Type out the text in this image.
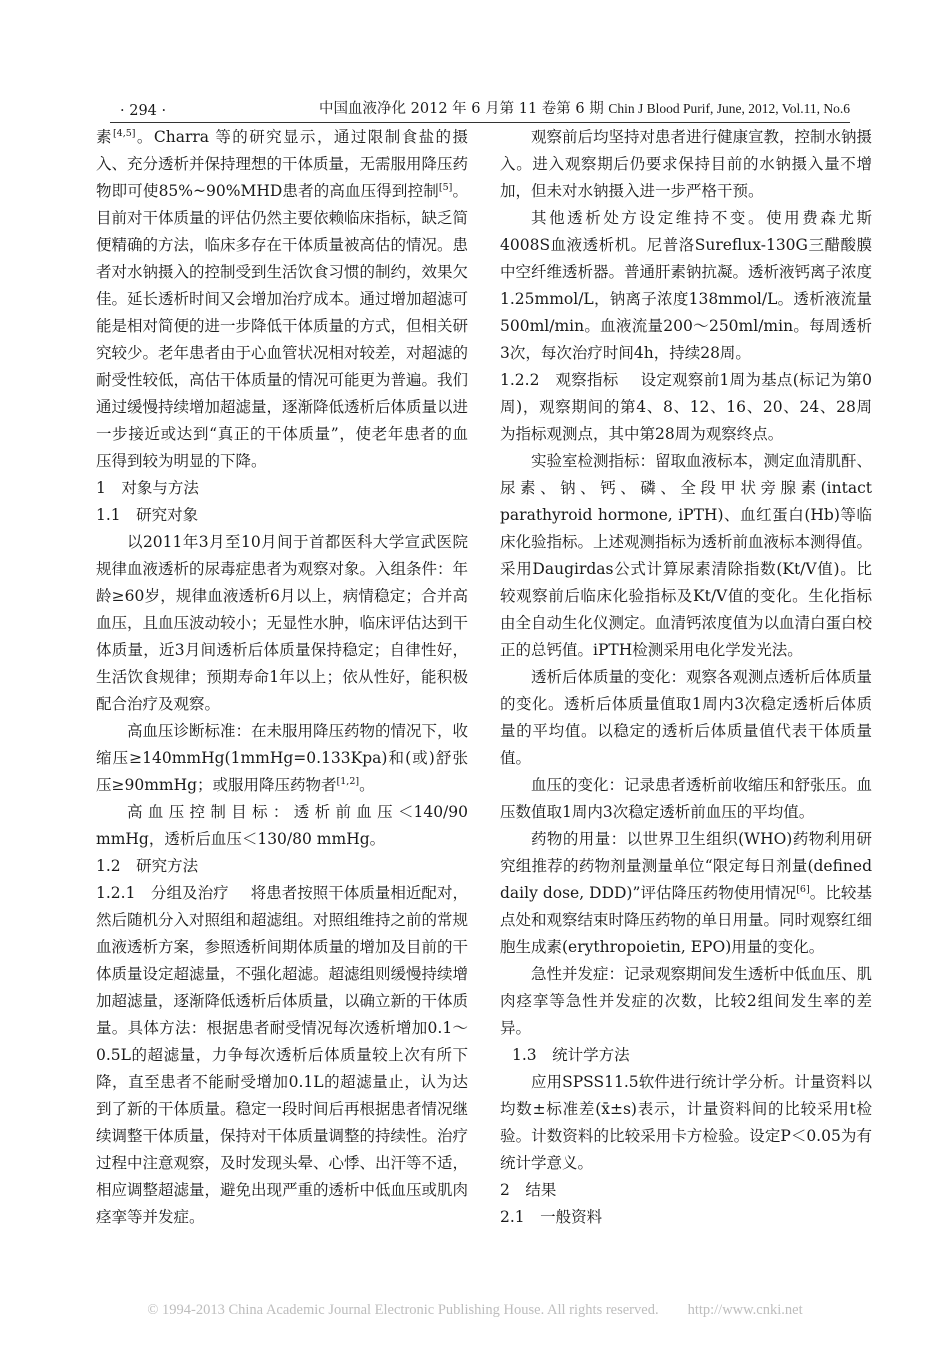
· 294 ·	中国血液净化 2012 年 6 月第 11 卷第 6 期 Chin J Blood Purif, June, 2012, Vol.11, No.6

素[4,5]。Charra 等的研究显示，通过限制食盐的摄入、充分透析并保持理想的干体质量，无需服用降压药物即可使85%~90%MHD患者的高血压得到控制[5]。目前对干体质量的评估仍然主要依赖临床指标，缺乏简便精确的方法，临床多存在干体质量被高估的情况。患者对水钠摄入的控制受到生活饮食习惯的制约，效果欠佳。延长透析时间又会增加治疗成本。通过增加超滤可能是相对简便的进一步降低干体质量的方式，但相关研究较少。老年患者由于心血管状况相对较差，对超滤的耐受性较低，高估干体质量的情况可能更为普遍。我们通过缓慢持续增加超滤量，逐渐降低透析后体质量以进一步接近或达到“真正的干体质量”，使老年患者的血压得到较为明显的下降。

1　对象与方法
1.1　研究对象

以2011年3月至10月间于首都医科大学宣武医院规律血液透析的尿毒症患者为观察对象。入组条件：年龄≥60岁，规律血液透析6月以上，病情稳定；合并高血压，且血压波动较小；无显性水肿，临床评估达到干体质量，近3月间透析后体质量保持稳定；自律性好，生活饮食规律；预期寿命1年以上；依从性好，能积极配合治疗及观察。

高血压诊断标准：在未服用降压药物的情况下，收缩压≥140mmHg(1mmHg=0.133Kpa)和(或)舒张压≥90mmHg；或服用降压药物者[1,2]。

高血压控制目标：透析前血压＜140/90 mmHg，透析后血压＜130/80 mmHg。

1.2　研究方法

1.2.1　分组及治疗 将患者按照干体质量相近配对，然后随机分入对照组和超滤组。对照组维持之前的常规血液透析方案，参照透析间期体质量的增加及目前的干体质量设定超滤量，不强化超滤。超滤组则缓慢持续增加超滤量，逐渐降低透析后体质量，以确立新的干体质量。具体方法：根据患者耐受情况每次透析增加0.1～0.5L的超滤量，力争每次透析后体质量较上次有所下降，直至患者不能耐受增加0.1L的超滤量止，认为达到了新的干体质量。稳定一段时间后再根据患者情况继续调整干体质量，保持对干体质量调整的持续性。治疗过程中注意观察，及时发现头晕、心悸、出汗等不适，相应调整超滤量，避免出现严重的透析中低血压或肌肉痉挛等并发症。

观察前后均坚持对患者进行健康宣教，控制水钠摄入。进入观察期后仍要求保持目前的水钠摄入量不增加，但未对水钠摄入进一步严格干预。

其他透析处方设定维持不变。使用费森尤斯4008S血液透析机。尼普洛Sureflux-130G三醋酸膜中空纤维透析器。普通肝素钠抗凝。透析液钙离子浓度1.25mmol/L，钠离子浓度138mmol/L。透析液流量500ml/min。血液流量200～250ml/min。每周透析3次，每次治疗时间4h，持续28周。

1.2.2　观察指标 设定观察前1周为基点(标记为第0周)，观察期间的第4、8、12、16、20、24、28周为指标观测点，其中第28周为观察终点。

实验室检测指标：留取血液标本，测定血清肌酐、尿素、钠、钙、磷、全段甲状旁腺素(intact parathyroid hormone, iPTH)、血红蛋白(Hb)等临床化验指标。上述观测指标为透析前血液标本测得值。采用Daugirdas公式计算尿素清除指数(Kt/V值)。比较观察前后临床化验指标及Kt/V值的变化。生化指标由全自动生化仪测定。血清钙浓度值为以血清白蛋白校正的总钙值。iPTH检测采用电化学发光法。

透析后体质量的变化：观察各观测点透析后体质量的变化。透析后体质量值取1周内3次稳定透析后体质量的平均值。以稳定的透析后体质量值代表干体质量值。

血压的变化：记录患者透析前收缩压和舒张压。血压数值取1周内3次稳定透析前血压的平均值。

药物的用量：以世界卫生组织(WHO)药物利用研究组推荐的药物剂量测量单位“限定每日剂量(defined daily dose, DDD)”评估降压药物使用情况[6]。比较基点处和观察结束时降压药物的单日用量。同时观察红细胞生成素(erythropoietin, EPO)用量的变化。

急性并发症：记录观察期间发生透析中低血压、肌肉痉挛等急性并发症的次数，比较2组间发生率的差异。

1.3　统计学方法

应用SPSS11.5软件进行统计学分析。计量资料以均数±标准差(x̄±s)表示，计量资料间的比较采用t检验。计数资料的比较采用卡方检验。设定P＜0.05为有统计学意义。

2　结果
2.1　一般资料
© 1994-2013 China Academic Journal Electronic Publishing House. All rights reserved.　　http://www.cnki.net
